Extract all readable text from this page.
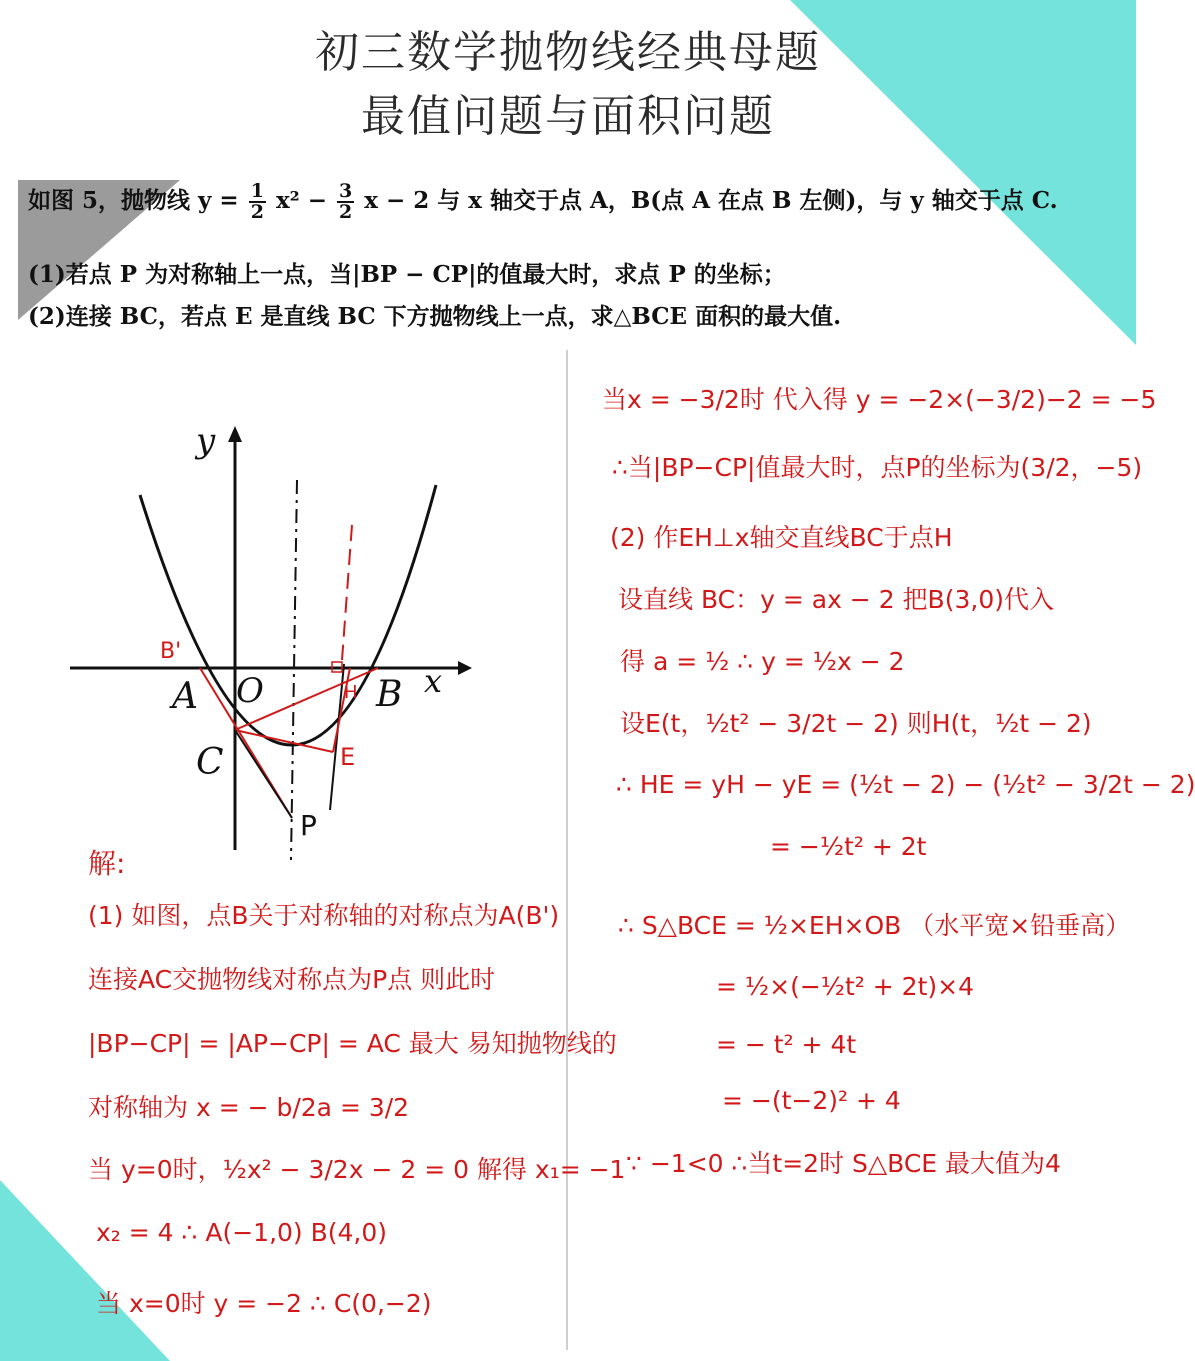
初三数学抛物线经典母题
最值问题与面积问题
如图 5，抛物线 $y = \frac{1}{2} x^2 - \frac{3}{2}$ x − 2 与 x 轴交于点 A，B(点 A 在点 B 左侧)，与 y 轴交于点 C.
(1)若点 P 为对称轴上一点，当|BP − CP|的值最大时，求点 P 的坐标；
(2)连接 BC，若点 E 是直线 BC 下方抛物线上一点，求△BCE 面积的最大值.
y
x
O
A	B
C
B'
H
E
P
解:
(1) 如图，点B关于对称轴的对称点为A(B')
连接AC交抛物线对称点为P点 则此时
|BP−CP| = |AP−CP| = AC 最大 易知抛物线的
对称轴为 x = − b/2a = 3/2
当 y=0时，½x² − 3/2x − 2 = 0 解得 x₁= −1
x₂ = 4 ∴ A(−1,0) B(4,0)
当 x=0时 y = −2 ∴ C(0,−2)
当x = −3/2时 代入得 y = −2×(−3/2)−2 = −5
∴当|BP−CP|值最大时，点P的坐标为(3/2，−5)
(2) 作EH⊥x轴交直线BC于点H
设直线 BC：y = ax − 2 把B(3,0)代入
得 a = ½ ∴ y = ½x − 2
设E(t，½t² − 3/2t − 2) 则H(t，½t − 2)
∴ HE = yH − yE = (½t − 2) − (½t² − 3/2t − 2)
= −½t² + 2t
∴ S△BCE = ½×EH×OB （水平宽×铅垂高）
= ½×(−½t² + 2t)×4
= − t² + 4t
= −(t−2)² + 4
∵ −1<0 ∴当t=2时 S△BCE 最大值为4
